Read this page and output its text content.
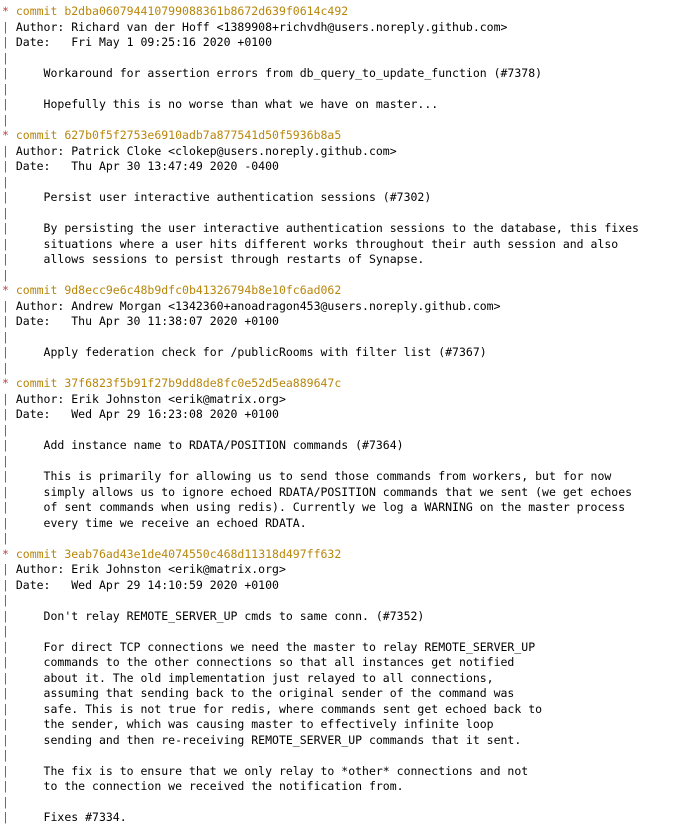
* commit b2dba060794410799088361b8672d639f0614c492
| Author: Richard van der Hoff <1389908+richvdh@users.noreply.github.com>
| Date:   Fri May 1 09:25:16 2020 +0100
|
|     Workaround for assertion errors from db_query_to_update_function (#7378)
|
|     Hopefully this is no worse than what we have on master...
|
* commit 627b0f5f2753e6910adb7a877541d50f5936b8a5
| Author: Patrick Cloke <clokep@users.noreply.github.com>
| Date:   Thu Apr 30 13:47:49 2020 -0400
|
|     Persist user interactive authentication sessions (#7302)
|
|     By persisting the user interactive authentication sessions to the database, this fixes
|     situations where a user hits different works throughout their auth session and also
|     allows sessions to persist through restarts of Synapse.
|
* commit 9d8ecc9e6c48b9dfc0b41326794b8e10fc6ad062
| Author: Andrew Morgan <1342360+anoadragon453@users.noreply.github.com>
| Date:   Thu Apr 30 11:38:07 2020 +0100
|
|     Apply federation check for /publicRooms with filter list (#7367)
|
* commit 37f6823f5b91f27b9dd8de8fc0e52d5ea889647c
| Author: Erik Johnston <erik@matrix.org>
| Date:   Wed Apr 29 16:23:08 2020 +0100
|
|     Add instance name to RDATA/POSITION commands (#7364)
|
|     This is primarily for allowing us to send those commands from workers, but for now
|     simply allows us to ignore echoed RDATA/POSITION commands that we sent (we get echoes
|     of sent commands when using redis). Currently we log a WARNING on the master process
|     every time we receive an echoed RDATA.
|
* commit 3eab76ad43e1de4074550c468d11318d497ff632
| Author: Erik Johnston <erik@matrix.org>
| Date:   Wed Apr 29 14:10:59 2020 +0100
|
|     Don't relay REMOTE_SERVER_UP cmds to same conn. (#7352)
|
|     For direct TCP connections we need the master to relay REMOTE_SERVER_UP
|     commands to the other connections so that all instances get notified
|     about it. The old implementation just relayed to all connections,
|     assuming that sending back to the original sender of the command was
|     safe. This is not true for redis, where commands sent get echoed back to
|     the sender, which was causing master to effectively infinite loop
|     sending and then re-receiving REMOTE_SERVER_UP commands that it sent.
|
|     The fix is to ensure that we only relay to *other* connections and not
|     to the connection we received the notification from.
|
|     Fixes #7334.
